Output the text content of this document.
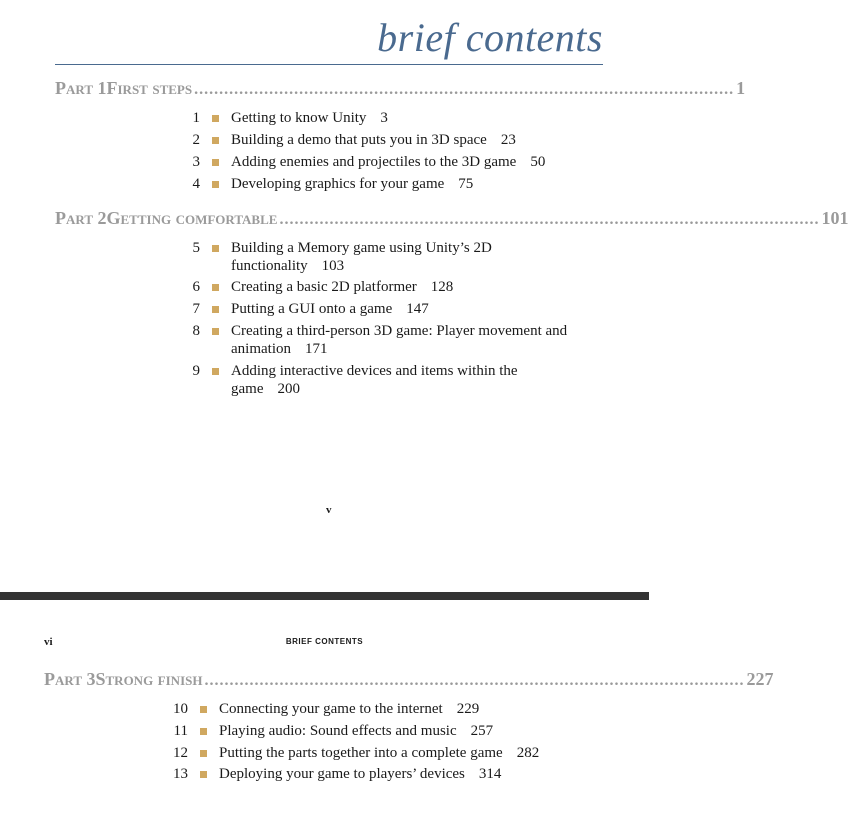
brief contents
Part 1 First steps ............................................................................................................ 1
1 Getting to know Unity 3
2 Building a demo that puts you in 3D space 23
3 Adding enemies and projectiles to the 3D game 50
4 Developing graphics for your game 75
Part 2 Getting comfortable ............................................................................................................ 101
5 Building a Memory game using Unity’s 2D functionality 103
6 Creating a basic 2D platformer 128
7 Putting a GUI onto a game 147
8 Creating a third-person 3D game: Player movement and animation 171
9 Adding interactive devices and items within the game 200
v
vi	BRIEF CONTENTS
Part 3 Strong finish ............................................................................................................ 227
10 Connecting your game to the internet 229
11 Playing audio: Sound effects and music 257
12 Putting the parts together into a complete game 282
13 Deploying your game to players’ devices 314
